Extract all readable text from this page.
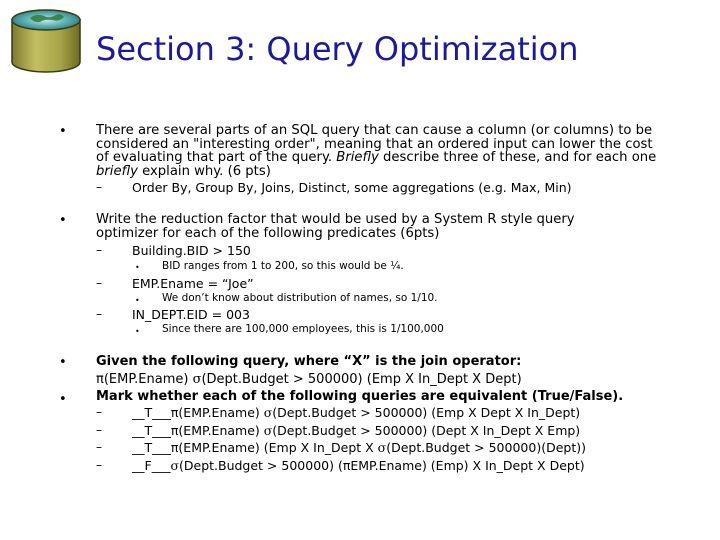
Section 3: Query Optimization
• There are several parts of an SQL query that can cause a column (or columns) to be considered an "interesting order", meaning that an ordered input can lower the cost of evaluating that part of the query. Briefly describe three of these, and for each one briefly explain why. (6 pts)
– Order By, Group By, Joins, Distinct, some aggregations (e.g. Max, Min)
• Write the reduction factor that would be used by a System R style query optimizer for each of the following predicates (6pts)
– Building.BID > 150
• BID ranges from 1 to 200, so this would be ¼.
– EMP.Ename = “Joe”
• We don’t know about distribution of names, so 1/10.
– IN_DEPT.EID = 003
• Since there are 100,000 employees, this is 1/100,000
• Given the following query, where “X” is the join operator:
π(EMP.Ename) σ(Dept.Budget > 500000) (Emp X In_Dept X Dept)
• Mark whether each of the following queries are equivalent (True/False).
– __T___π(EMP.Ename) σ(Dept.Budget > 500000) (Emp X Dept X In_Dept)
– __T___π(EMP.Ename) σ(Dept.Budget > 500000) (Dept X In_Dept X Emp)
– __T___π(EMP.Ename) (Emp X In_Dept X σ(Dept.Budget > 500000)(Dept))
– __F___σ(Dept.Budget > 500000) (πEMP.Ename) (Emp) X In_Dept X Dept)
